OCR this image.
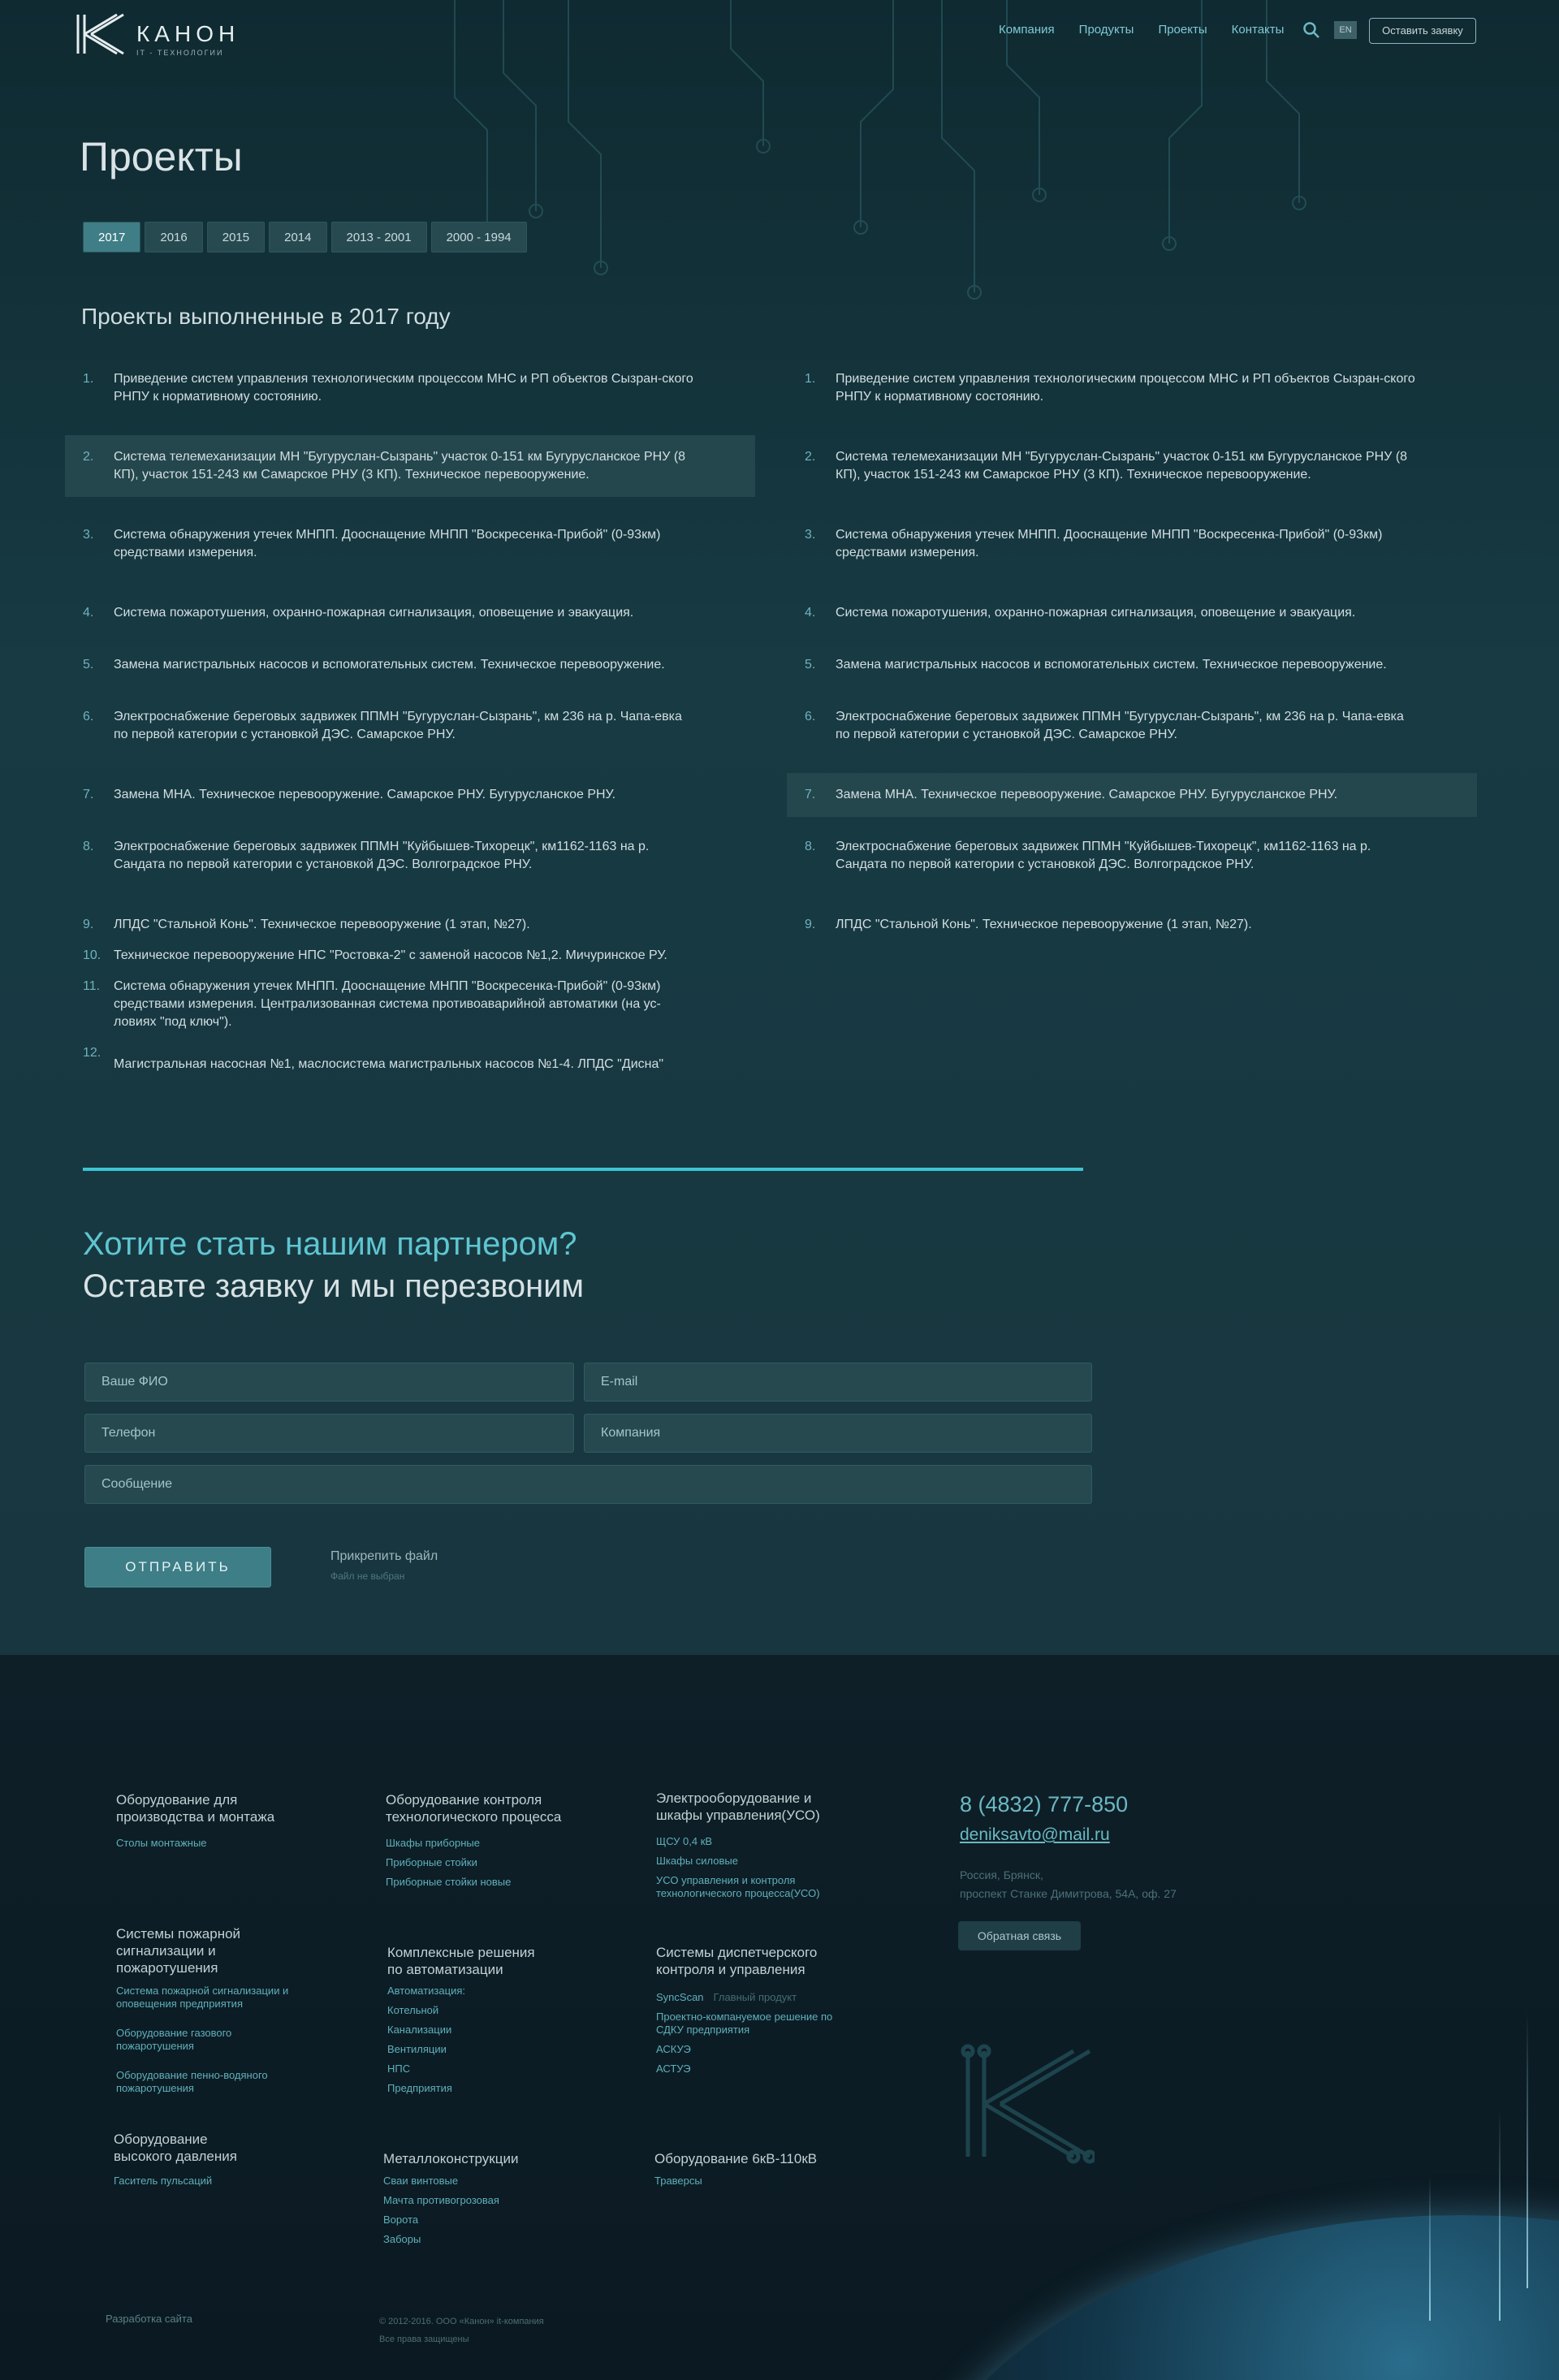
КАНОН
IT - ТЕХНОЛОГИИ
Компания Продукты Проекты Контакты	EN	Оставить заявку
Проекты
2017	2016	2015	2014	2013 - 2001	2000 - 1994
Проекты выполненные в 2017 году
1. Приведение систем управления технологическим процессом МНС и РП объектов Сызран-ского РНПУ к нормативному состоянию.
2. Система телемеханизации МН "Бугуруслан-Сызрань" участок 0-151 км Бугурусланское РНУ (8 КП), участок 151-243 км Самарское РНУ (3 КП). Техническое перевооружение.
3. Система обнаружения утечек МНПП. Дооснащение МНПП "Воскресенка-Прибой" (0-93км) средствами измерения.
4. Система пожаротушения, охранно-пожарная сигнализация, оповещение и эвакуация.
5. Замена магистральных насосов и вспомогательных систем. Техническое перевооружение.
6. Электроснабжение береговых задвижек ППМН "Бугуруслан-Сызрань", км 236 на р. Чапа-евка по первой категории с установкой ДЭС. Самарское РНУ.
7. Замена МНА. Техническое перевооружение. Самарское РНУ. Бугурусланское РНУ.
8. Электроснабжение береговых задвижек ППМН "Куйбышев-Тихорецк", км1162-1163 на р. Сандата по первой категории с установкой ДЭС. Волгоградское РНУ.
9. ЛПДС "Стальной Конь". Техническое перевооружение (1 этап, №27).
10. Техническое перевооружение НПС "Ростовка-2" с заменой насосов №1,2. Мичуринское РУ.
11. Система обнаружения утечек МНПП. Дооснащение МНПП "Воскресенка-Прибой" (0-93км) средствами измерения. Централизованная система противоаварийной автоматики (на ус-ловиях "под ключ").
12.
Магистральная насосная №1, маслосистема магистральных насосов №1-4. ЛПДС "Дисна"
1. Приведение систем управления технологическим процессом МНС и РП объектов Сызран-ского РНПУ к нормативному состоянию.
2. Система телемеханизации МН "Бугуруслан-Сызрань" участок 0-151 км Бугурусланское РНУ (8 КП), участок 151-243 км Самарское РНУ (3 КП). Техническое перевооружение.
3. Система обнаружения утечек МНПП. Дооснащение МНПП "Воскресенка-Прибой" (0-93км) средствами измерения.
4. Система пожаротушения, охранно-пожарная сигнализация, оповещение и эвакуация.
5. Замена магистральных насосов и вспомогательных систем. Техническое перевооружение.
6. Электроснабжение береговых задвижек ППМН "Бугуруслан-Сызрань", км 236 на р. Чапа-евка по первой категории с установкой ДЭС. Самарское РНУ.
7. Замена МНА. Техническое перевооружение. Самарское РНУ. Бугурусланское РНУ.
8. Электроснабжение береговых задвижек ППМН "Куйбышев-Тихорецк", км1162-1163 на р. Сандата по первой категории с установкой ДЭС. Волгоградское РНУ.
9. ЛПДС "Стальной Конь". Техническое перевооружение (1 этап, №27).
Хотите стать нашим партнером?
Оставте заявку и мы перезвоним
Ваше ФИО
E-mail
Телефон
Компания
Сообщение
ОТПРАВИТЬ
Прикрепить файл
Файл не выбран
Оборудование для производства и монтажа
Столы монтажные
Оборудование контроля технологического процесса
Шкафы приборные
Приборные стойки
Приборные стойки новые
Электрооборудование и шкафы управления(УСО)
ЩСУ 0,4 кВ
Шкафы силовые
УСО управления и контроля технологического процесса(УСО)
8 (4832) 777-850
deniksavto@mail.ru
Россия, Брянск,
проспект Станке Димитрова, 54А, оф. 27
Обратная связь
Системы пожарной сигнализации и пожаротушения
Система пожарной сигнализации и оповещения предприятия
Оборудование газового пожаротушения
Оборудование пенно-водяного пожаротушения
Комплексные решения по автоматизации
Автоматизация:
Котельной
Канализации
Вентиляции
НПС
Предприятия
Системы диспетчерского контроля и управления
SyncScan Главный продукт
Проектно-компануемое решение по СДКУ предприятия
АСКУЭ
АСТУЭ
Оборудование высокого давления
Гаситель пульсаций
Металлоконструкции
Сваи винтовые
Мачта противогрозовая
Ворота
Заборы
Оборудование 6кВ-110кВ
Траверсы
Разработка сайта	© 2012-2016. ООО «Канон» it-компания
Все права защищены
